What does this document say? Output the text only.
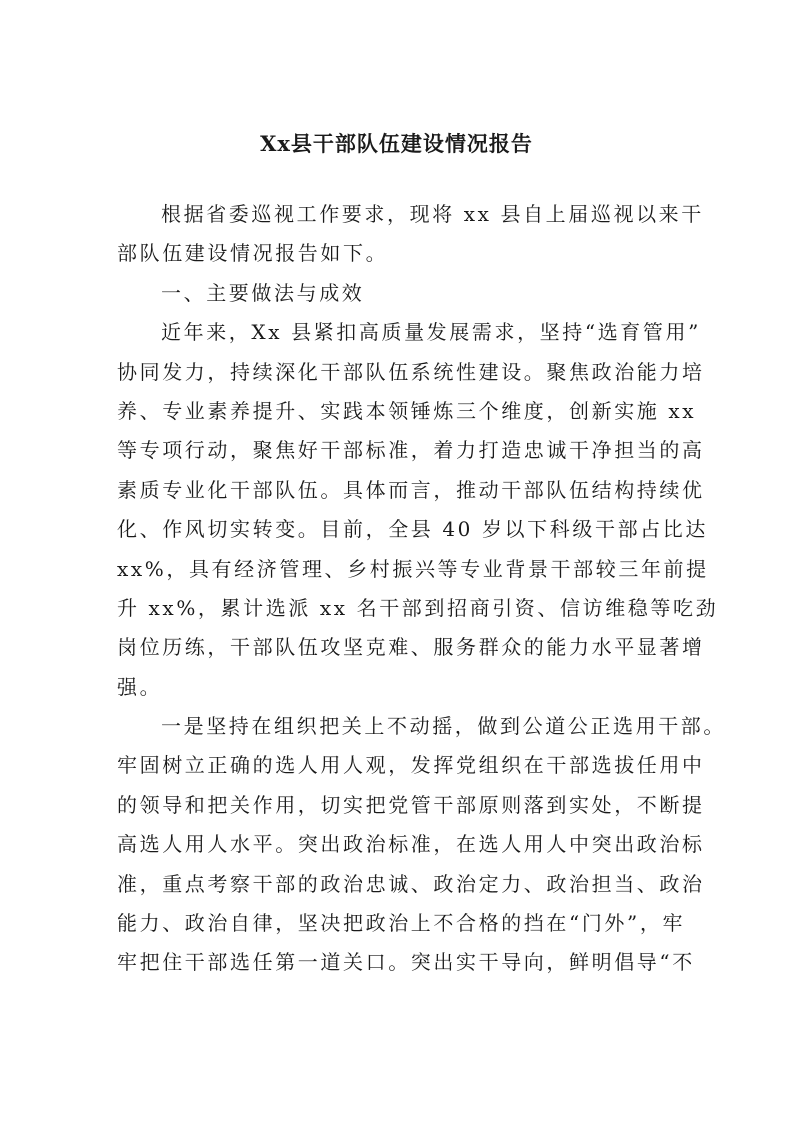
Xx县干部队伍建设情况报告
根据省委巡视工作要求，现将 xx 县自上届巡视以来干
部队伍建设情况报告如下。
一、主要做法与成效
近年来，Xx 县紧扣高质量发展需求，坚持“选育管用”
协同发力，持续深化干部队伍系统性建设。聚焦政治能力培
养、专业素养提升、实践本领锤炼三个维度，创新实施 xx
等专项行动，聚焦好干部标准，着力打造忠诚干净担当的高
素质专业化干部队伍。具体而言，推动干部队伍结构持续优
化、作风切实转变。目前，全县 40 岁以下科级干部占比达
xx%，具有经济管理、乡村振兴等专业背景干部较三年前提
升 xx%，累计选派 xx 名干部到招商引资、信访维稳等吃劲
岗位历练，干部队伍攻坚克难、服务群众的能力水平显著增
强。
一是坚持在组织把关上不动摇，做到公道公正选用干部。
牢固树立正确的选人用人观，发挥党组织在干部选拔任用中
的领导和把关作用，切实把党管干部原则落到实处，不断提
高选人用人水平。突出政治标准，在选人用人中突出政治标
准，重点考察干部的政治忠诚、政治定力、政治担当、政治
能力、政治自律，坚决把政治上不合格的挡在“门外”，牢
牢把住干部选任第一道关口。突出实干导向，鲜明倡导“不
